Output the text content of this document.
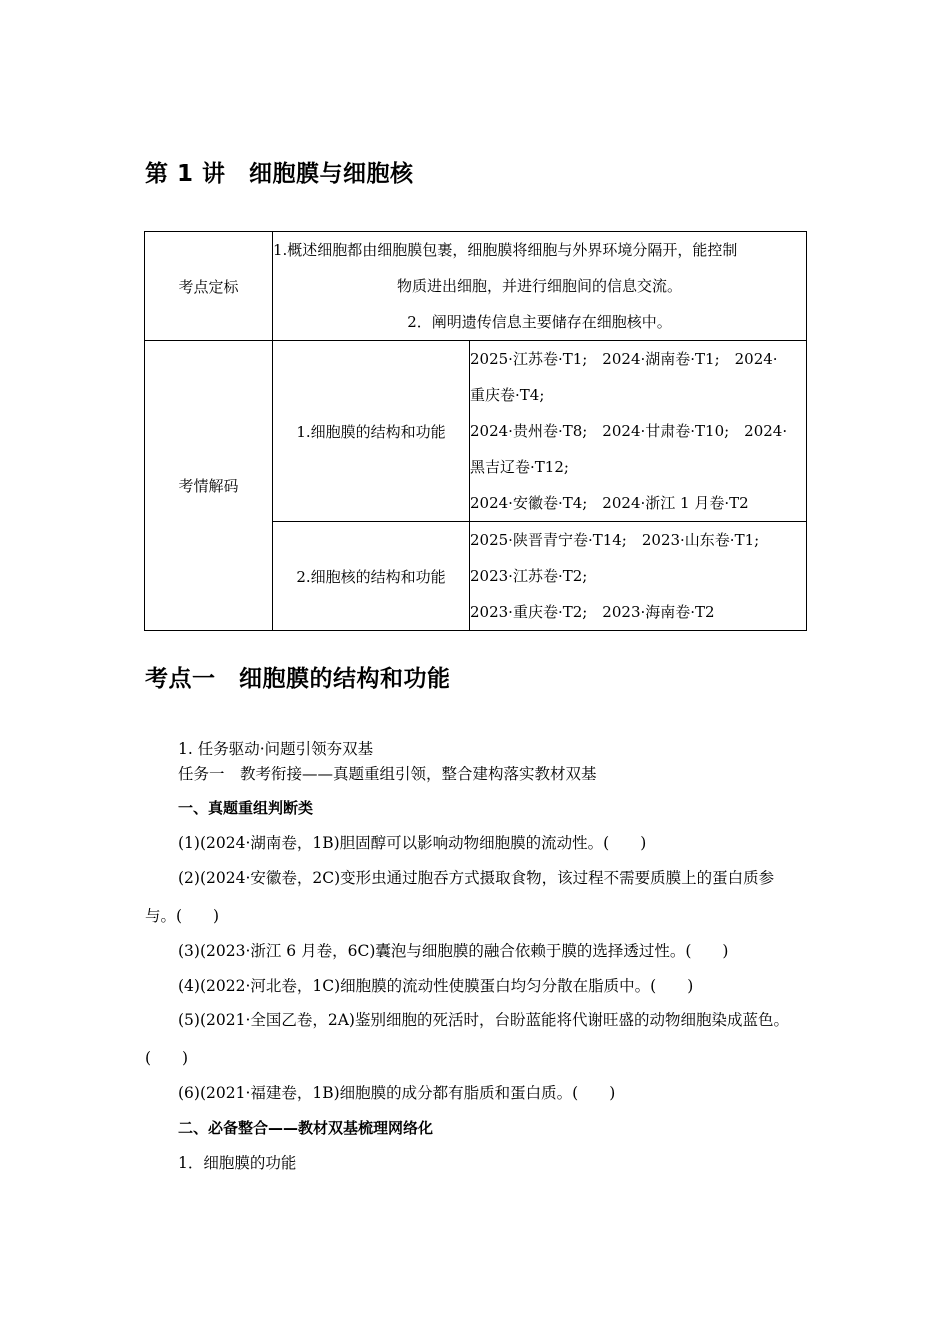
第 1 讲　细胞膜与细胞核
考点定标	1.概述细胞都由细胞膜包裹，细胞膜将细胞与外界环境分隔开，能控制
物质进出细胞，并进行细胞间的信息交流。
2．阐明遗传信息主要储存在细胞核中。	

考情解码	1.细胞膜的结构和功能	2025·江苏卷·T1;　2024·湖南卷·T1;　2024·
重庆卷·T4;
2024·贵州卷·T8;　2024·甘肃卷·T10;　2024·
黑吉辽卷·T12;
2024·安徽卷·T4;　2024·浙江 1 月卷·T2

	2.细胞核的结构和功能	2025·陕晋青宁卷·T14;　2023·山东卷·T1;
2023·江苏卷·T2;
2023·重庆卷·T2;　2023·海南卷·T2
考点一　细胞膜的结构和功能
1. 任务驱动·问题引领夯双基
任务一　教考衔接——真题重组引领，整合建构落实教材双基
一、真题重组判断类
(1)(2024·湖南卷，1B)胆固醇可以影响动物细胞膜的流动性。(　　)
(2)(2024·安徽卷，2C)变形虫通过胞吞方式摄取食物，该过程不需要质膜上的蛋白质参
与。(　　)
(3)(2023·浙江 6 月卷，6C)囊泡与细胞膜的融合依赖于膜的选择透过性。(　　)
(4)(2022·河北卷，1C)细胞膜的流动性使膜蛋白均匀分散在脂质中。(　　)
(5)(2021·全国乙卷，2A)鉴别细胞的死活时，台盼蓝能将代谢旺盛的动物细胞染成蓝色。
(　　)
(6)(2021·福建卷，1B)细胞膜的成分都有脂质和蛋白质。(　　)
二、必备整合——教材双基梳理网络化
1．细胞膜的功能
